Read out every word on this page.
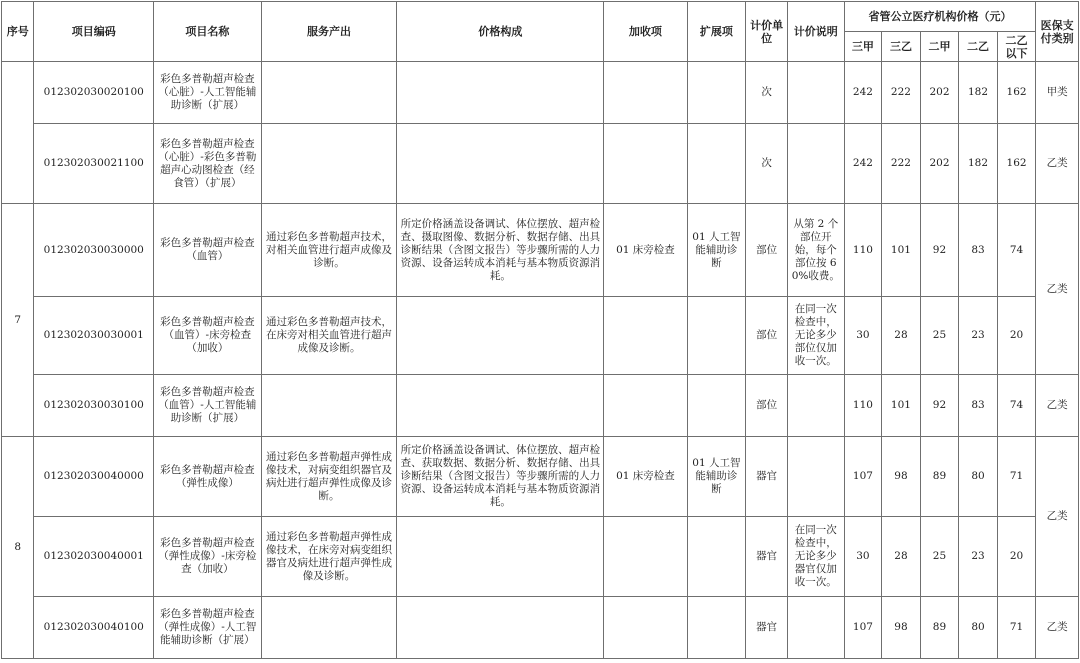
序号	项目编码	项目名称	服务产出	价格构成	加收项	扩展项	计价单位	计价说明	省管公立医疗机构价格（元）					医保支付类别
									三甲	三乙	二甲	二乙	二乙以下	
	012302030020100	彩色多普勒超声检查（心脏）-人工智能辅助诊断（扩展）					次		242	222	202	182	162	甲类
	012302030021100	彩色多普勒超声检查（心脏）-彩色多普勒超声心动图检查（经食管）（扩展）					次		242	222	202	182	162	乙类
7	012302030030000	彩色多普勒超声检查（血管）	通过彩色多普勒超声技术，对相关血管进行超声成像及诊断。	所定价格涵盖设备调试、体位摆放、超声检查、摄取图像、数据分析、数据存储、出具诊断结果（含图文报告）等步骤所需的人力资源、设备运转成本消耗与基本物质资源消耗。	01 床旁检查	01 人工智能辅助诊断	部位	从第 2 个部位开始，每个部位按 60%收费。	110	101	92	83	74	乙类
	012302030030001	彩色多普勒超声检查（血管）-床旁检查（加收）	通过彩色多普勒超声技术，在床旁对相关血管进行超声成像及诊断。				部位	在同一次检查中，无论多少部位仅加收一次。	30	28	25	23	20	
	012302030030100	彩色多普勒超声检查（血管）-人工智能辅助诊断（扩展）					部位		110	101	92	83	74	乙类
8	012302030040000	彩色多普勒超声检查（弹性成像）	通过彩色多普勒超声弹性成像技术，对病变组织器官及病灶进行超声弹性成像及诊断。	所定价格涵盖设备调试、体位摆放、超声检查、获取数据、数据分析、数据存储、出具诊断结果（含图文报告）等步骤所需的人力资源、设备运转成本消耗与基本物质资源消耗。	01 床旁检查	01 人工智能辅助诊断	器官		107	98	89	80	71	乙类
	012302030040001	彩色多普勒超声检查（弹性成像）-床旁检查（加收）	通过彩色多普勒超声弹性成像技术，在床旁对病变组织器官及病灶进行超声弹性成像及诊断。				器官	在同一次检查中，无论多少器官仅加收一次。	30	28	25	23	20	
	012302030040100	彩色多普勒超声检查（弹性成像）-人工智能辅助诊断（扩展）					器官		107	98	89	80	71	乙类
